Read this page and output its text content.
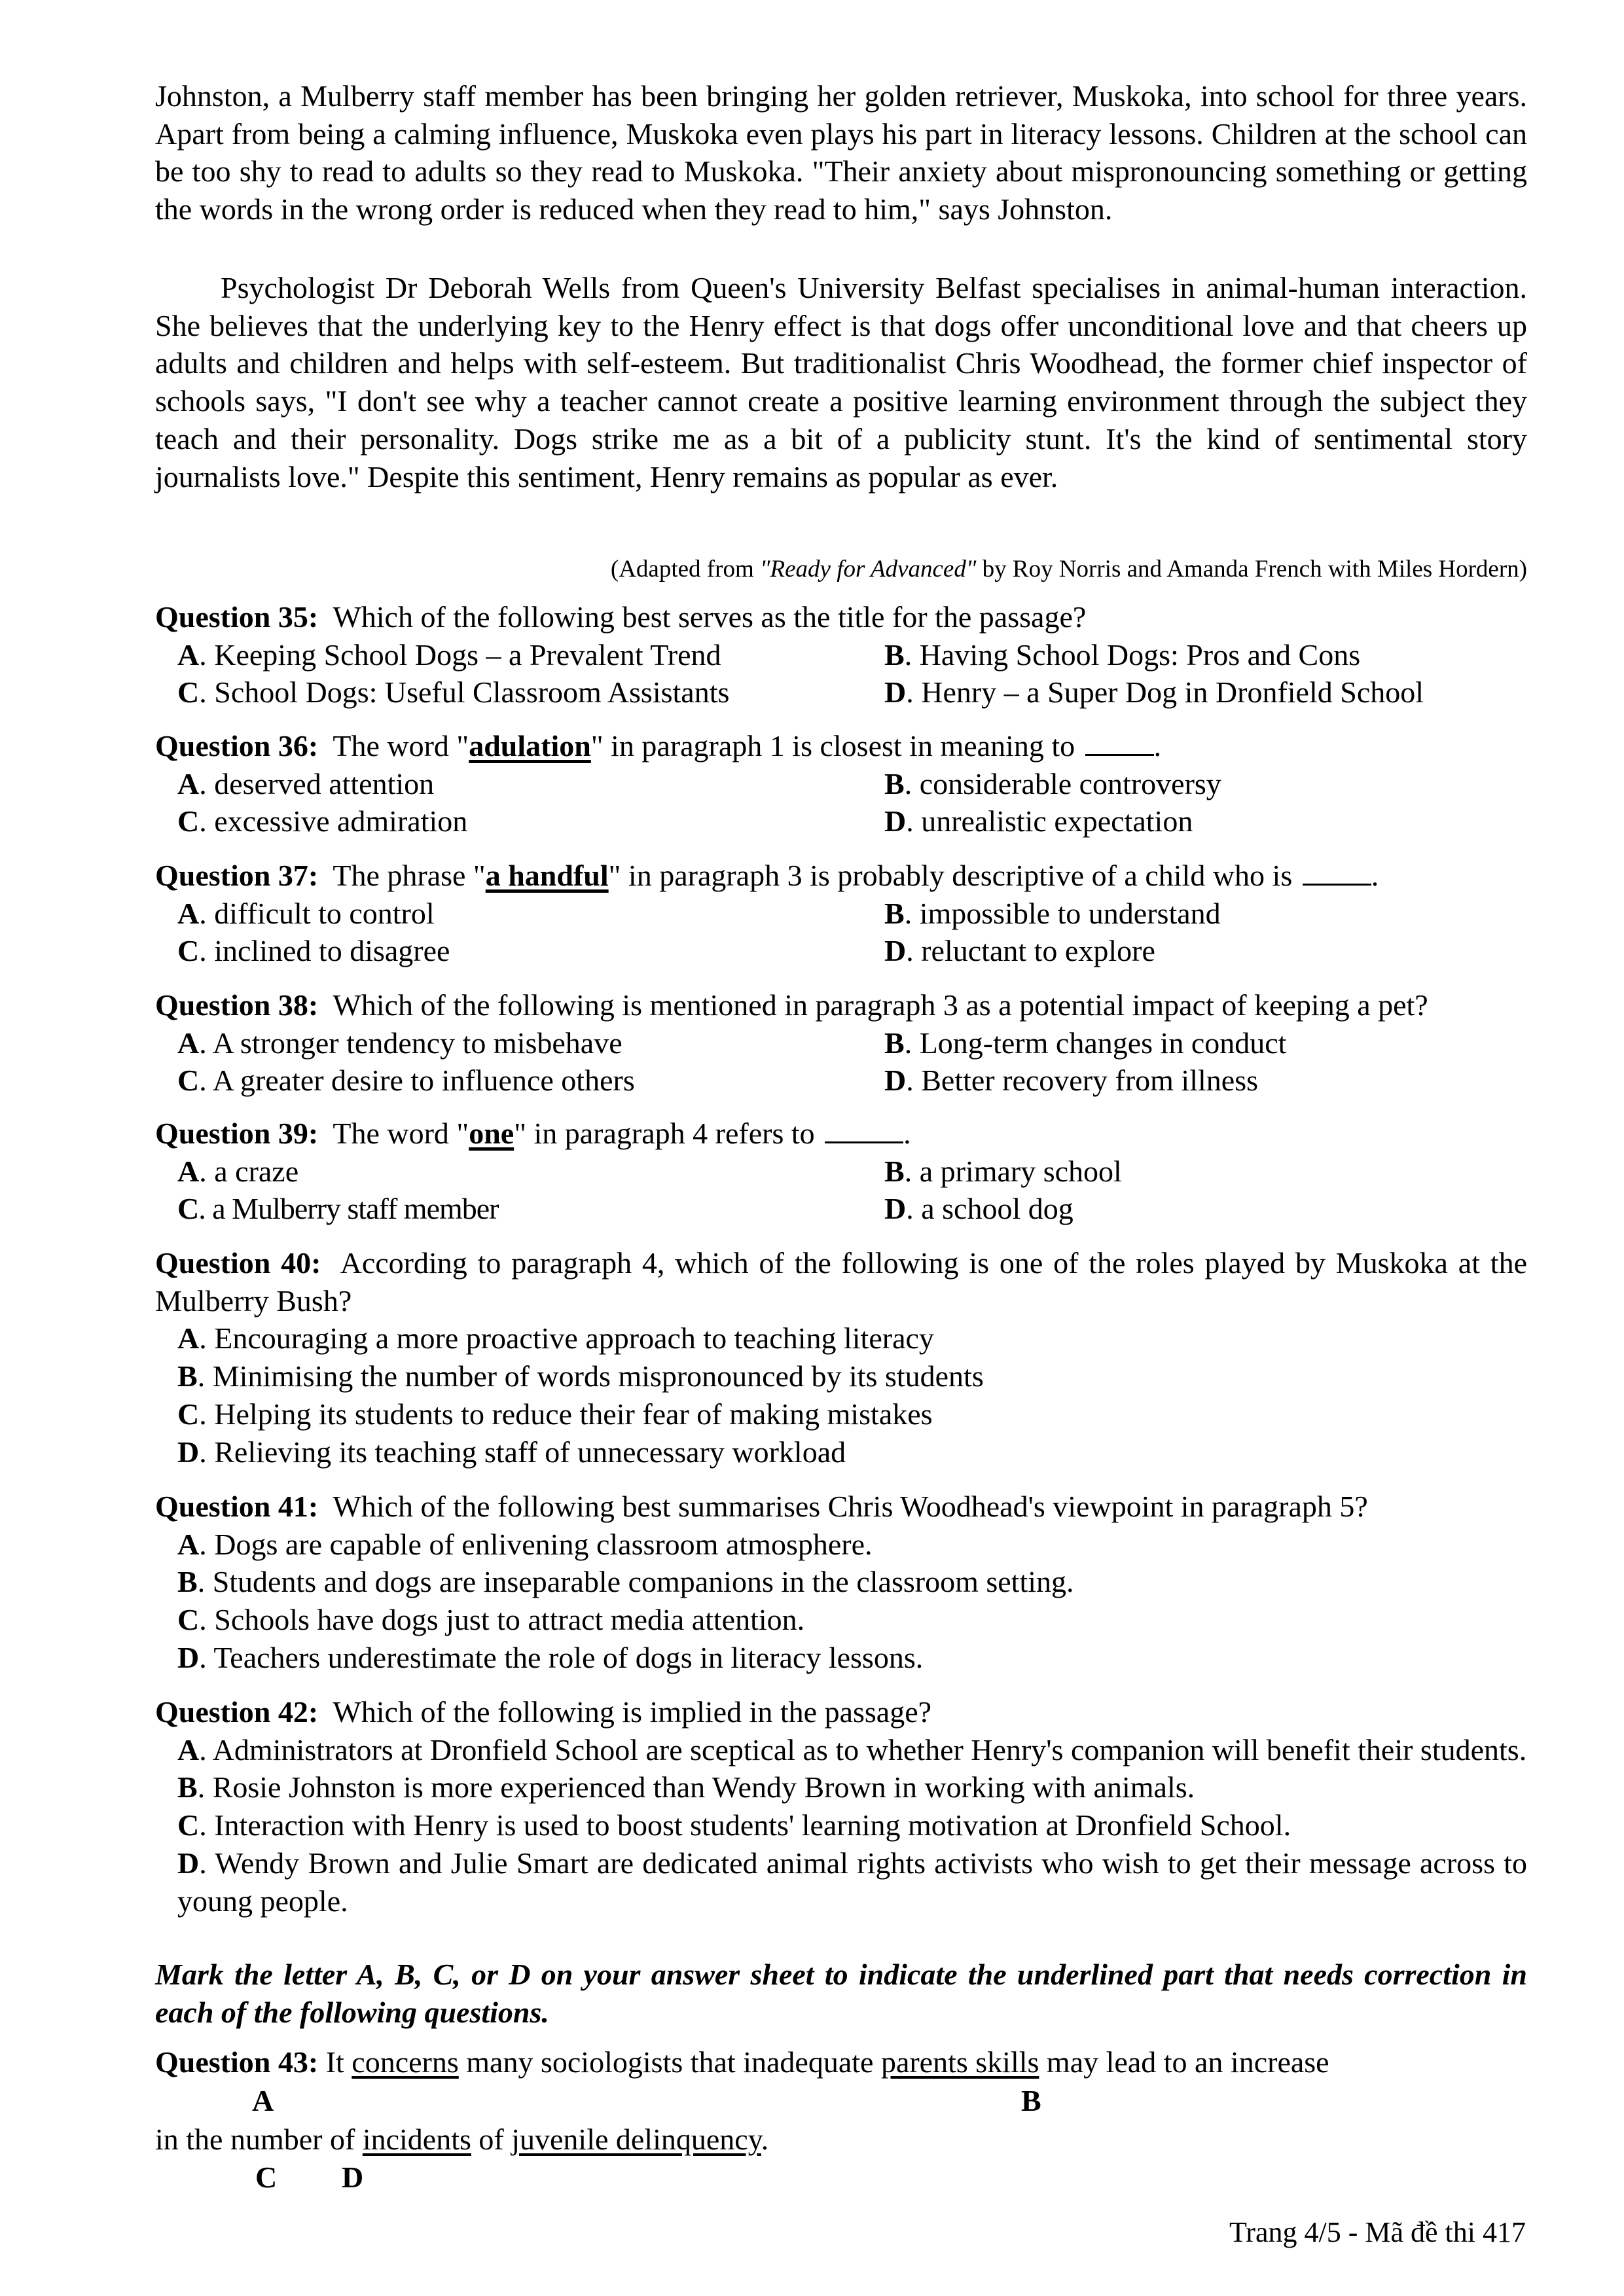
Johnston, a Mulberry staff member has been bringing her golden retriever, Muskoka, into school for three years. Apart from being a calming influence, Muskoka even plays his part in literacy lessons. Children at the school can be too shy to read to adults so they read to Muskoka. "Their anxiety about mispronouncing something or getting the words in the wrong order is reduced when they read to him," says Johnston.
Psychologist Dr Deborah Wells from Queen's University Belfast specialises in animal-human interaction. She believes that the underlying key to the Henry effect is that dogs offer unconditional love and that cheers up adults and children and helps with self-esteem. But traditionalist Chris Woodhead, the former chief inspector of schools says, "I don't see why a teacher cannot create a positive learning environment through the subject they teach and their personality. Dogs strike me as a bit of a publicity stunt. It's the kind of sentimental story journalists love." Despite this sentiment, Henry remains as popular as ever.
(Adapted from "Ready for Advanced" by Roy Norris and Amanda French with Miles Hordern)
Question 35: Which of the following best serves as the title for the passage?
A. Keeping School Dogs – a Prevalent Trend	B. Having School Dogs: Pros and Cons
C. School Dogs: Useful Classroom Assistants	D. Henry – a Super Dog in Dronfield School
Question 36: The word "adulation" in paragraph 1 is closest in meaning to	.
A. deserved attention	B. considerable controversy
C. excessive admiration	D. unrealistic expectation
Question 37: The phrase "a handful" in paragraph 3 is probably descriptive of a child who is	.
A. difficult to control	B. impossible to understand
C. inclined to disagree	D. reluctant to explore
Question 38: Which of the following is mentioned in paragraph 3 as a potential impact of keeping a pet?
A. A stronger tendency to misbehave	B. Long-term changes in conduct
C. A greater desire to influence others	D. Better recovery from illness
Question 39: The word "one" in paragraph 4 refers to	.
A. a craze	B. a primary school
C. a Mulberry staff member	D. a school dog
Question 40: According to paragraph 4, which of the following is one of the roles played by Muskoka at the Mulberry Bush?
A. Encouraging a more proactive approach to teaching literacy
B. Minimising the number of words mispronounced by its students
C. Helping its students to reduce their fear of making mistakes
D. Relieving its teaching staff of unnecessary workload
Question 41: Which of the following best summarises Chris Woodhead's viewpoint in paragraph 5?
A. Dogs are capable of enlivening classroom atmosphere.
B. Students and dogs are inseparable companions in the classroom setting.
C. Schools have dogs just to attract media attention.
D. Teachers underestimate the role of dogs in literacy lessons.
Question 42: Which of the following is implied in the passage?
A. Administrators at Dronfield School are sceptical as to whether Henry's companion will benefit their students.
B. Rosie Johnston is more experienced than Wendy Brown in working with animals.
C. Interaction with Henry is used to boost students' learning motivation at Dronfield School.
D. Wendy Brown and Julie Smart are dedicated animal rights activists who wish to get their message across to young people.
Mark the letter A, B, C, or D on your answer sheet to indicate the underlined part that needs correction in each of the following questions.
Question 43: It concerns many sociologists that inadequate parents skills may lead to an increase
A	B
in the number of incidents of juvenile delinquency.
C D
Trang 4/5 - Mã đề thi 417
